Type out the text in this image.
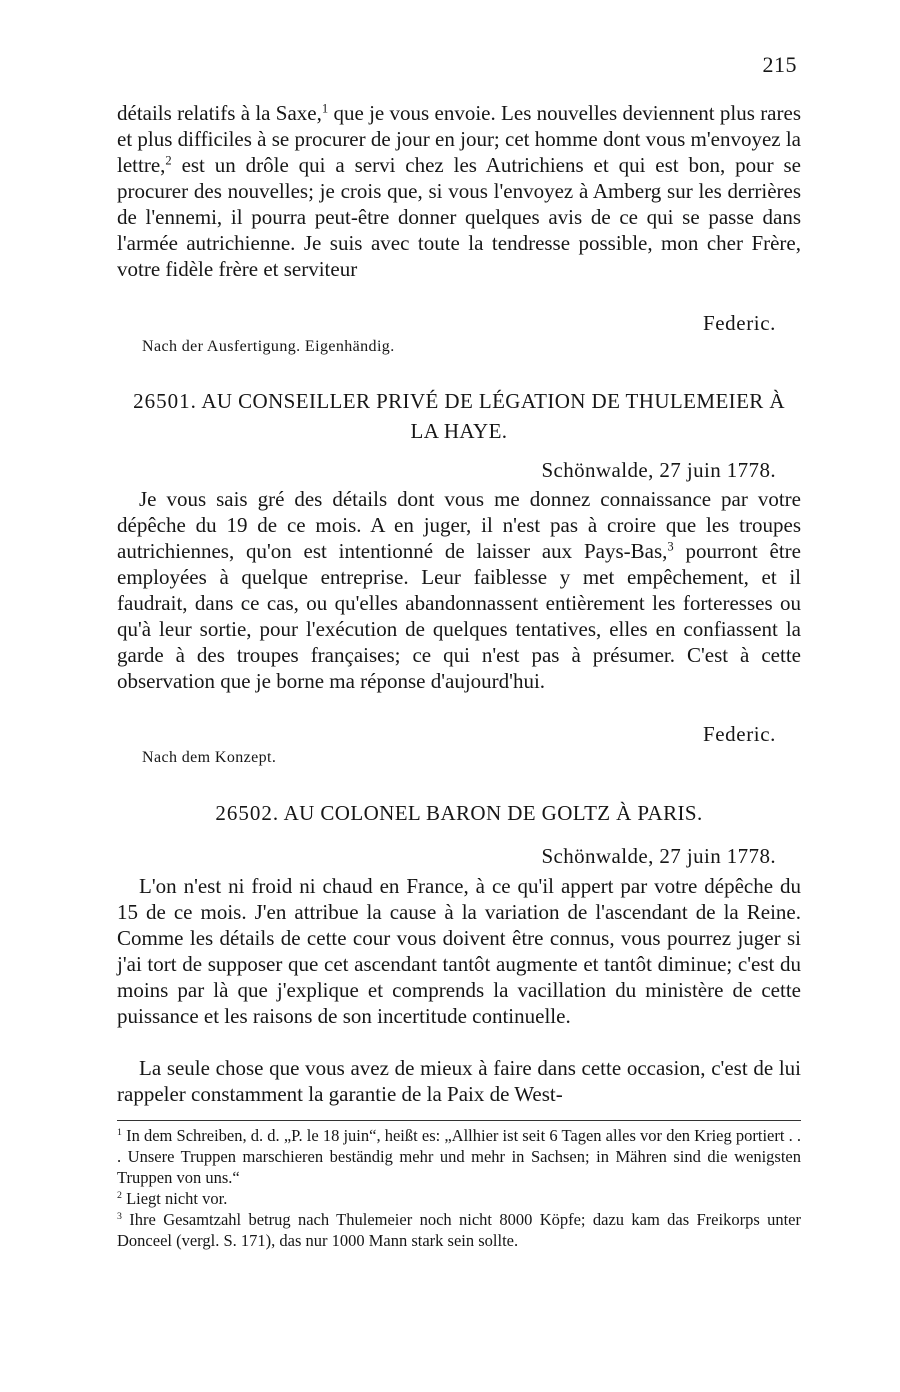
215
détails relatifs à la Saxe,$^1$ que je vous envoie. Les nouvelles deviennent plus rares et plus difficiles à se procurer de jour en jour; cet homme dont vous m'envoyez la lettre,$^2$ est un drôle qui a servi chez les Autrichiens et qui est bon, pour se procurer des nouvelles; je crois que, si vous l'envoyez à Amberg sur les derrières de l'ennemi, il pourra peut-être donner quelques avis de ce qui se passe dans l'armée autrichienne. Je suis avec toute la tendresse possible, mon cher Frère, votre fidèle frère et serviteur
Federic.
Nach der Ausfertigung. Eigenhändig.
26501. AU CONSEILLER PRIVÉ DE LÉGATION DE THULEMEIER À LA HAYE.
Schönwalde, 27 juin 1778.
Je vous sais gré des détails dont vous me donnez connaissance par votre dépêche du 19 de ce mois. A en juger, il n'est pas à croire que les troupes autrichiennes, qu'on est intentionné de laisser aux Pays-Bas,$^3$ pourront être employées à quelque entreprise. Leur faiblesse y met empêchement, et il faudrait, dans ce cas, ou qu'elles abandonnassent entièrement les forteresses ou qu'à leur sortie, pour l'exécution de quelques tentatives, elles en confiassent la garde à des troupes françaises; ce qui n'est pas à présumer. C'est à cette observation que je borne ma réponse d'aujourd'hui.
Federic.
Nach dem Konzept.
26502. AU COLONEL BARON DE GOLTZ À PARIS.
Schönwalde, 27 juin 1778.
L'on n'est ni froid ni chaud en France, à ce qu'il appert par votre dépêche du 15 de ce mois. J'en attribue la cause à la variation de l'ascendant de la Reine. Comme les détails de cette cour vous doivent être connus, vous pourrez juger si j'ai tort de supposer que cet ascendant tantôt augmente et tantôt diminue; c'est du moins par là que j'explique et comprends la vacillation du ministère de cette puissance et les raisons de son incertitude continuelle.
La seule chose que vous avez de mieux à faire dans cette occasion, c'est de lui rappeler constamment la garantie de la Paix de West-

$^1$ In dem Schreiben, d. d. „P. le 18 juin“, heißt es: „Allhier ist seit 6 Tagen alles vor den Krieg portiert . . . Unsere Truppen marschieren beständig mehr und mehr in Sachsen; in Mähren sind die wenigsten Truppen von uns.“

$^2$ Liegt nicht vor.

$^3$ Ihre Gesamtzahl betrug nach Thulemeier noch nicht 8000 Köpfe; dazu kam das Freikorps unter Donceel (vergl. S. 171), das nur 1000 Mann stark sein sollte.
